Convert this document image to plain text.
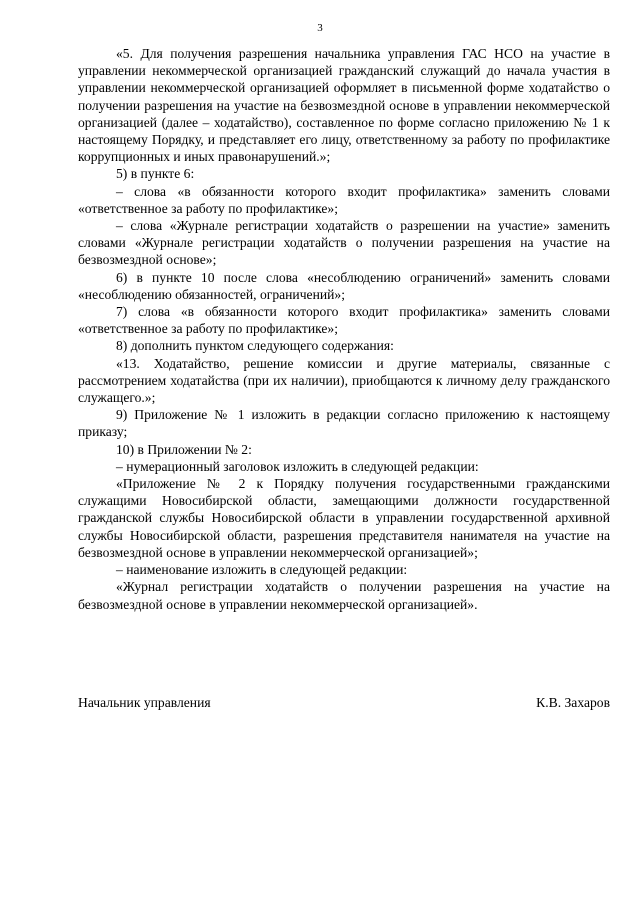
3

«5. Для получения разрешения начальника управления ГАС НСО на участие в управлении некоммерческой организацией гражданский служащий до начала участия в управлении некоммерческой организацией оформляет в письменной форме ходатайство о получении разрешения на участие на безвозмездной основе в управлении некоммерческой организацией (далее – ходатайство), составленное по форме согласно приложению № 1 к настоящему Порядку, и представляет его лицу, ответственному за работу по профилактике коррупционных и иных правонарушений.»;

5) в пункте 6:

– слова «в обязанности которого входит профилактика» заменить словами «ответственное за работу по профилактике»;

– слова «Журнале регистрации ходатайств о разрешении на участие» заменить словами «Журнале регистрации ходатайств о получении разрешения на участие на безвозмездной основе»;

6) в пункте 10 после слова «несоблюдению ограничений» заменить словами «несоблюдению обязанностей, ограничений»;

7) слова «в обязанности которого входит профилактика» заменить словами «ответственное за работу по профилактике»;

8) дополнить пунктом следующего содержания:

«13. Ходатайство, решение комиссии и другие материалы, связанные с рассмотрением ходатайства (при их наличии), приобщаются к личному делу гражданского служащего.»;

9) Приложение № 1 изложить в редакции согласно приложению к настоящему приказу;

10) в Приложении № 2:

– нумерационный заголовок изложить в следующей редакции:

«Приложение № 2 к Порядку получения государственными гражданскими служащими Новосибирской области, замещающими должности государственной гражданской службы Новосибирской области в управлении государственной архивной службы Новосибирской области, разрешения представителя нанимателя на участие на безвозмездной основе в управлении некоммерческой организацией»;

– наименование изложить в следующей редакции:

«Журнал регистрации ходатайств о получении разрешения на участие на безвозмездной основе в управлении некоммерческой организацией».

Начальник управления	К.В. Захаров
